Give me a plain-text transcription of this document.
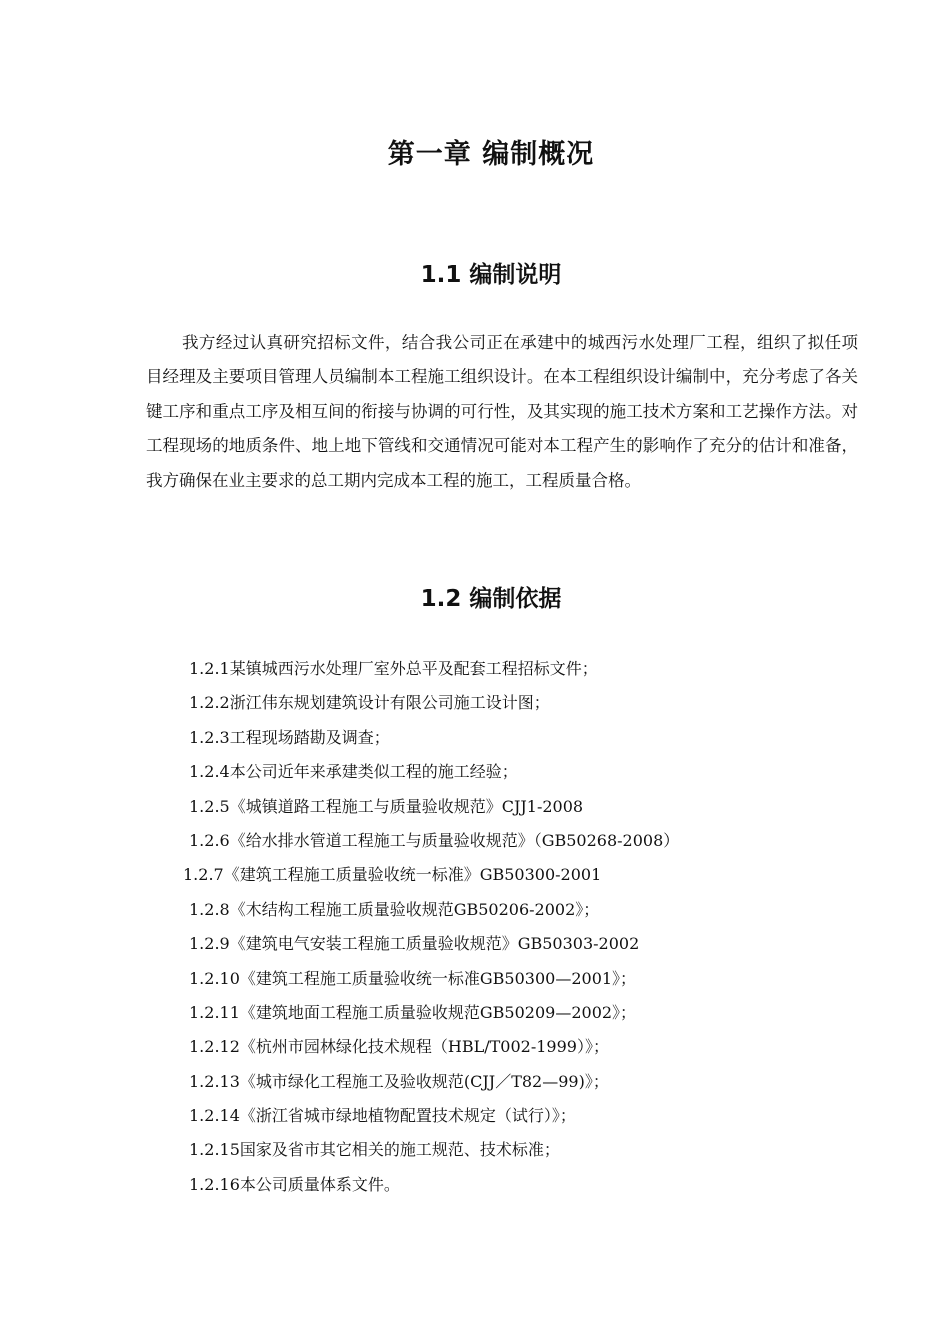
第一章 编制概况
1.1 编制说明

我方经过认真研究招标文件，结合我公司正在承建中的城西污水处理厂工程，组织了拟任项目经理及主要项目管理人员编制本工程施工组织设计。在本工程组织设计编制中，充分考虑了各关键工序和重点工序及相互间的衔接与协调的可行性，及其实现的施工技术方案和工艺操作方法。对工程现场的地质条件、地上地下管线和交通情况可能对本工程产生的影响作了充分的估计和准备，我方确保在业主要求的总工期内完成本工程的施工，工程质量合格。

1.2 编制依据
1.2.1某镇城西污水处理厂室外总平及配套工程招标文件；
1.2.2浙江伟东规划建筑设计有限公司施工设计图；
1.2.3工程现场踏勘及调查；
1.2.4本公司近年来承建类似工程的施工经验；
1.2.5《城镇道路工程施工与质量验收规范》CJJ1-2008
1.2.6《给水排水管道工程施工与质量验收规范》（GB50268-2008）
1.2.7《建筑工程施工质量验收统一标准》GB50300-2001
1.2.8《木结构工程施工质量验收规范GB50206-2002》；
1.2.9《建筑电气安装工程施工质量验收规范》GB50303-2002
1.2.10《建筑工程施工质量验收统一标准GB50300—2001》；
1.2.11《建筑地面工程施工质量验收规范GB50209—2002》；
1.2.12《杭州市园林绿化技术规程（HBL/T002-1999）》；
1.2.13《城市绿化工程施工及验收规范(CJJ／T82—99)》；
1.2.14《浙江省城市绿地植物配置技术规定（试行）》；
1.2.15国家及省市其它相关的施工规范、技术标准；
1.2.16本公司质量体系文件。
